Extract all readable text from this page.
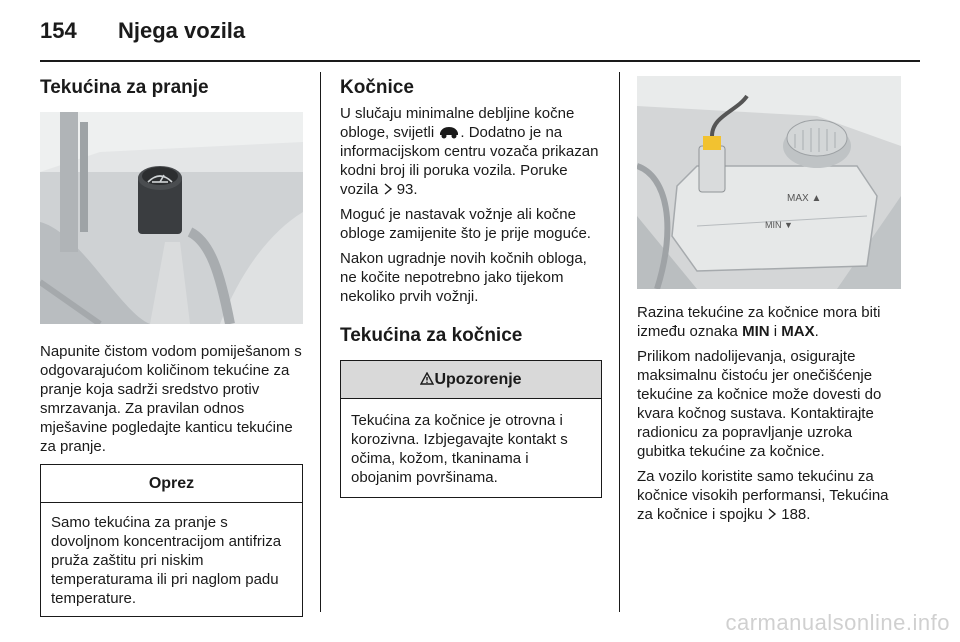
154 Njega vozila
Tekućina za pranje

Napunite čistom vodom pomiješanom s odgovarajućom količinom tekućine za pranje koja sadrži sredstvo protiv smrzavanja. Za pravilan odnos mješavine pogledajte kanticu tekućine za pranje.

Oprez
Samo tekućina za pranje s dovoljnom koncentracijom antifriza pruža zaštitu pri niskim temperaturama ili pri naglom padu temperature.
Kočnice

U slučaju minimalne debljine kočne obloge, svijetli . Dodatno je na informacijskom centru vozača prikazan kodni broj ili poruka vozila. Poruke vozila 93.

Moguć je nastavak vožnje ali kočne obloge zamijenite što je prije moguće.

Nakon ugradnje novih kočnih obloga, ne kočite nepotrebno jako tijekom nekoliko prvih vožnji.

Tekućina za kočnice
Upozorenje
Tekućina za kočnice je otrovna i korozivna. Izbjegavajte kontakt s očima, kožom, tkaninama i obojanim površinama.
MAX ▲
MIN ▼

Razina tekućine za kočnice mora biti između oznaka MIN i MAX.

Prilikom nadolijevanja, osigurajte maksimalnu čistoću jer onečišćenje tekućine za kočnice može dovesti do kvara kočnog sustava. Kontaktirajte radionicu za popravljanje uzroka gubitka tekućine za kočnice.

Za vozilo koristite samo tekućinu za kočnice visokih performansi, Tekućina za kočnice i spojku 188.

carmanualsonline.info
